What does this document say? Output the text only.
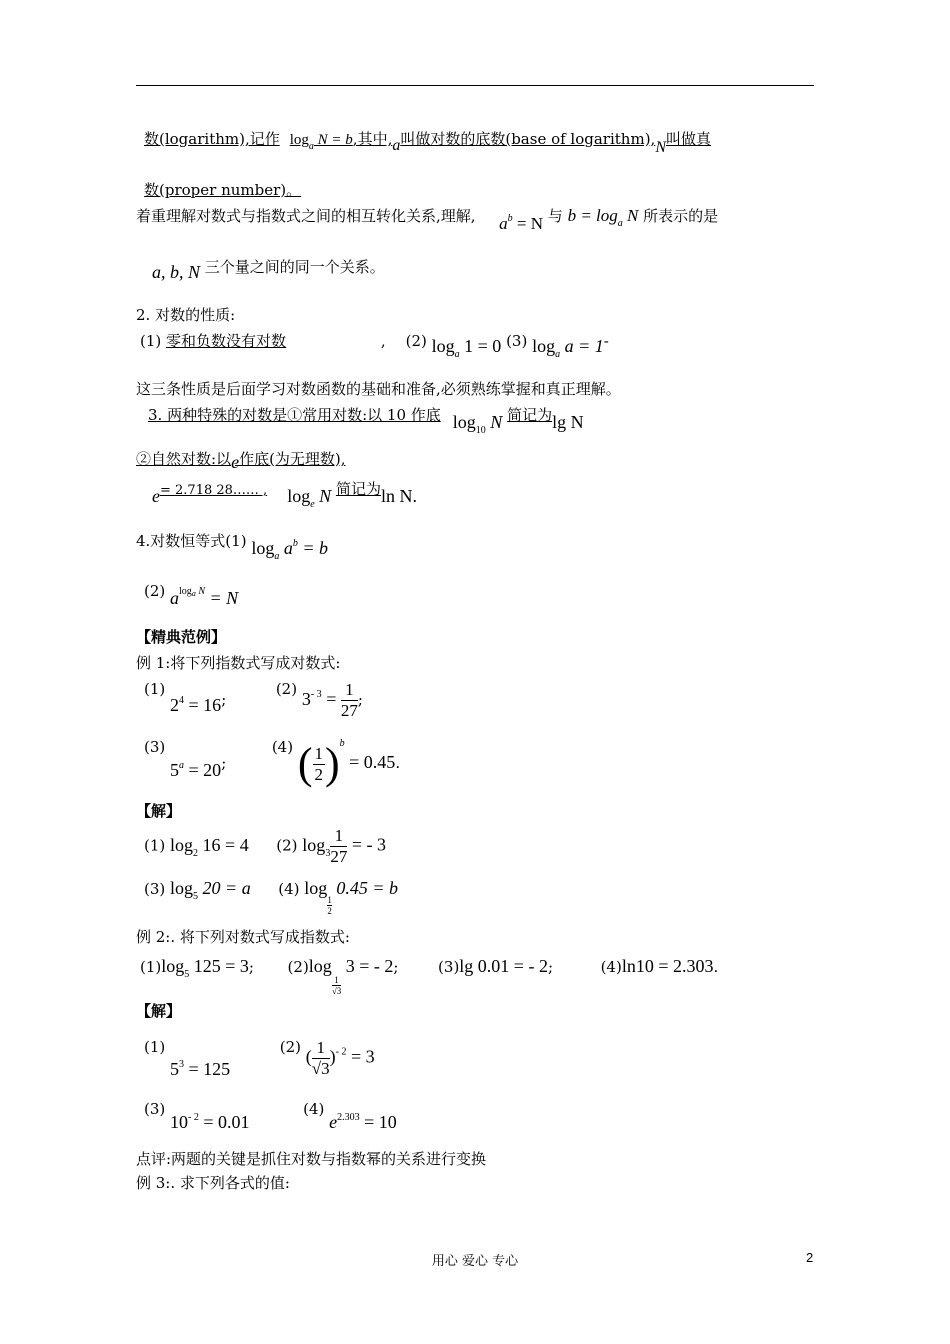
数(logarithm),记作 $\log_a N = b$,其中,a叫做对数的底数(base of logarithm),N叫做真
数(proper number)。
着重理解对数式与指数式之间的相互转化关系,理解, $a^b = N$ 与 $b = \log_a N$ 所表示的是
a, b, N 三个量之间的同一个关系。
2. 对数的性质:
(1) 零和负数没有对数	, (2) $\log_a 1 = 0$ (3) $\log_a a = 1-$
这三条性质是后面学习对数函数的基础和准备,必须熟练掌握和真正理解。
3. 两种特殊的对数是①常用对数:以 10 作底 $\log_{10} N$ 简记为lg N
②自然对数:以e作底(为无理数),
e= 2.718 28…… , $\log_e N$ 简记为ln N.
4.对数恒等式(1) $\log_a a^b = b$
(2) $a^{log_a N} = N$
【精典范例】
例 1:将下列指数式写成对数式:
(1) $2^4 = 16$;  (2) $3^{- 3} = \frac{1}{27}$ ;
(3) $5^a = 20$;  (4) ( $\frac{1}{2} )^b = 0.45$.
【解】
(1) $\log_2 16 = 4$ (2) $\log_3 \frac{1}{27}$ = - 3
(3) $\log_5 20 = a$ (4) log
$\frac{1}{2}$
0.45 = b
例 2:. 将下列对数式写成指数式:
$(1)\log_5$ 125 = 3; (2)log
$\frac{1}{√3}$
3 = - 2;	(3)lg 0.01 = - 2;	(4)ln10 = 2.303.
【解】
(1) $5^3 = 125$  (2) ( $\frac{1}{√3} )^{- 2} = 3$
(3) $10^{- 2} = 0.01$  (4) $e^{2.303} = 10$
点评:两题的关键是抓住对数与指数幂的关系进行变换
例 3:. 求下列各式的值:
用心 爱心 专心	2
